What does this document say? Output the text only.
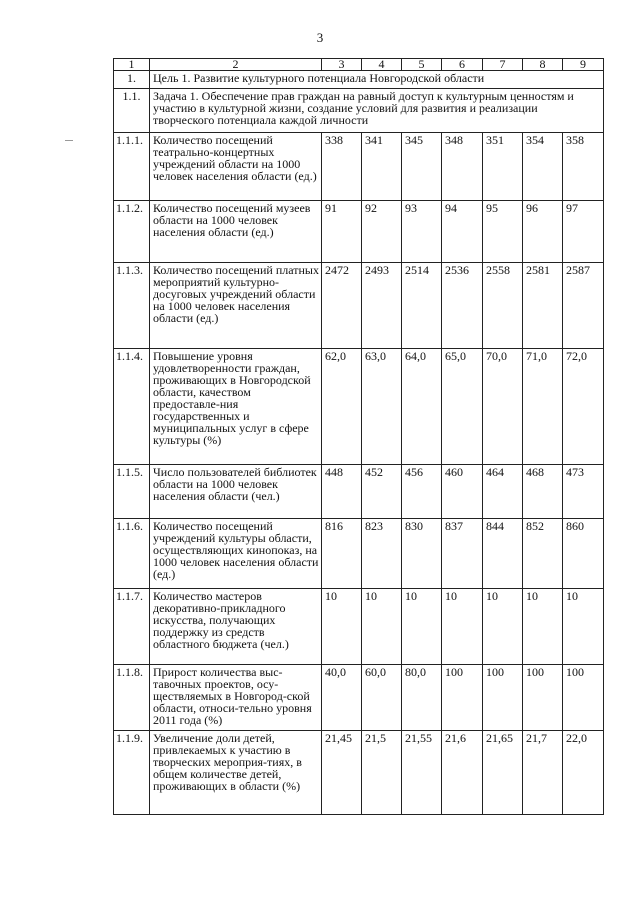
3
1	2	3	4	5	6	7	8	9
1.	Цель 1. Развитие культурного потенциала Новгородской области							
1.1.	Задача 1. Обеспечение прав граждан на равный доступ к культурным ценностям и участию в культурной жизни, создание условий для развития и реализации творческого потенциала каждой личности							
1.1.1.	Количество посещений театрально-концертных учреждений области на 1000 человек населения области (ед.)	338	341	345	348	351	354	358
1.1.2.	Количество посещений музеев области на 1000 человек населения области (ед.)	91	92	93	94	95	96	97
1.1.3.	Количество посещений платных мероприятий культурно-досуговых учреждений области на 1000 человек населения области (ед.)	2472	2493	2514	2536	2558	2581	2587
1.1.4.	Повышение уровня удовлетворенности граждан, проживающих в Новгородской области, качеством предоставле-ния государственных и муниципальных услуг в сфере культуры (%)	62,0	63,0	64,0	65,0	70,0	71,0	72,0
1.1.5.	Число пользователей библиотек области на 1000 человек населения области (чел.)	448	452	456	460	464	468	473
1.1.6.	Количество посещений учреждений культуры области, осуществляющих кинопоказ, на 1000 человек населения области (ед.)	816	823	830	837	844	852	860
1.1.7.	Количество мастеров декоративно-прикладного искусства, получающих поддержку из средств областного бюджета (чел.)	10	10	10	10	10	10	10
1.1.8.	Прирост количества выс-тавочных проектов, осу-ществляемых в Новгород-ской области, относи-тельно уровня 2011 года (%)	40,0	60,0	80,0	100	100	100	100
1.1.9.	Увеличение доли детей, привлекаемых к участию в творческих мероприя-тиях, в общем количестве детей, проживающих в области (%)	21,45	21,5	21,55	21,6	21,65	21,7	22,0
